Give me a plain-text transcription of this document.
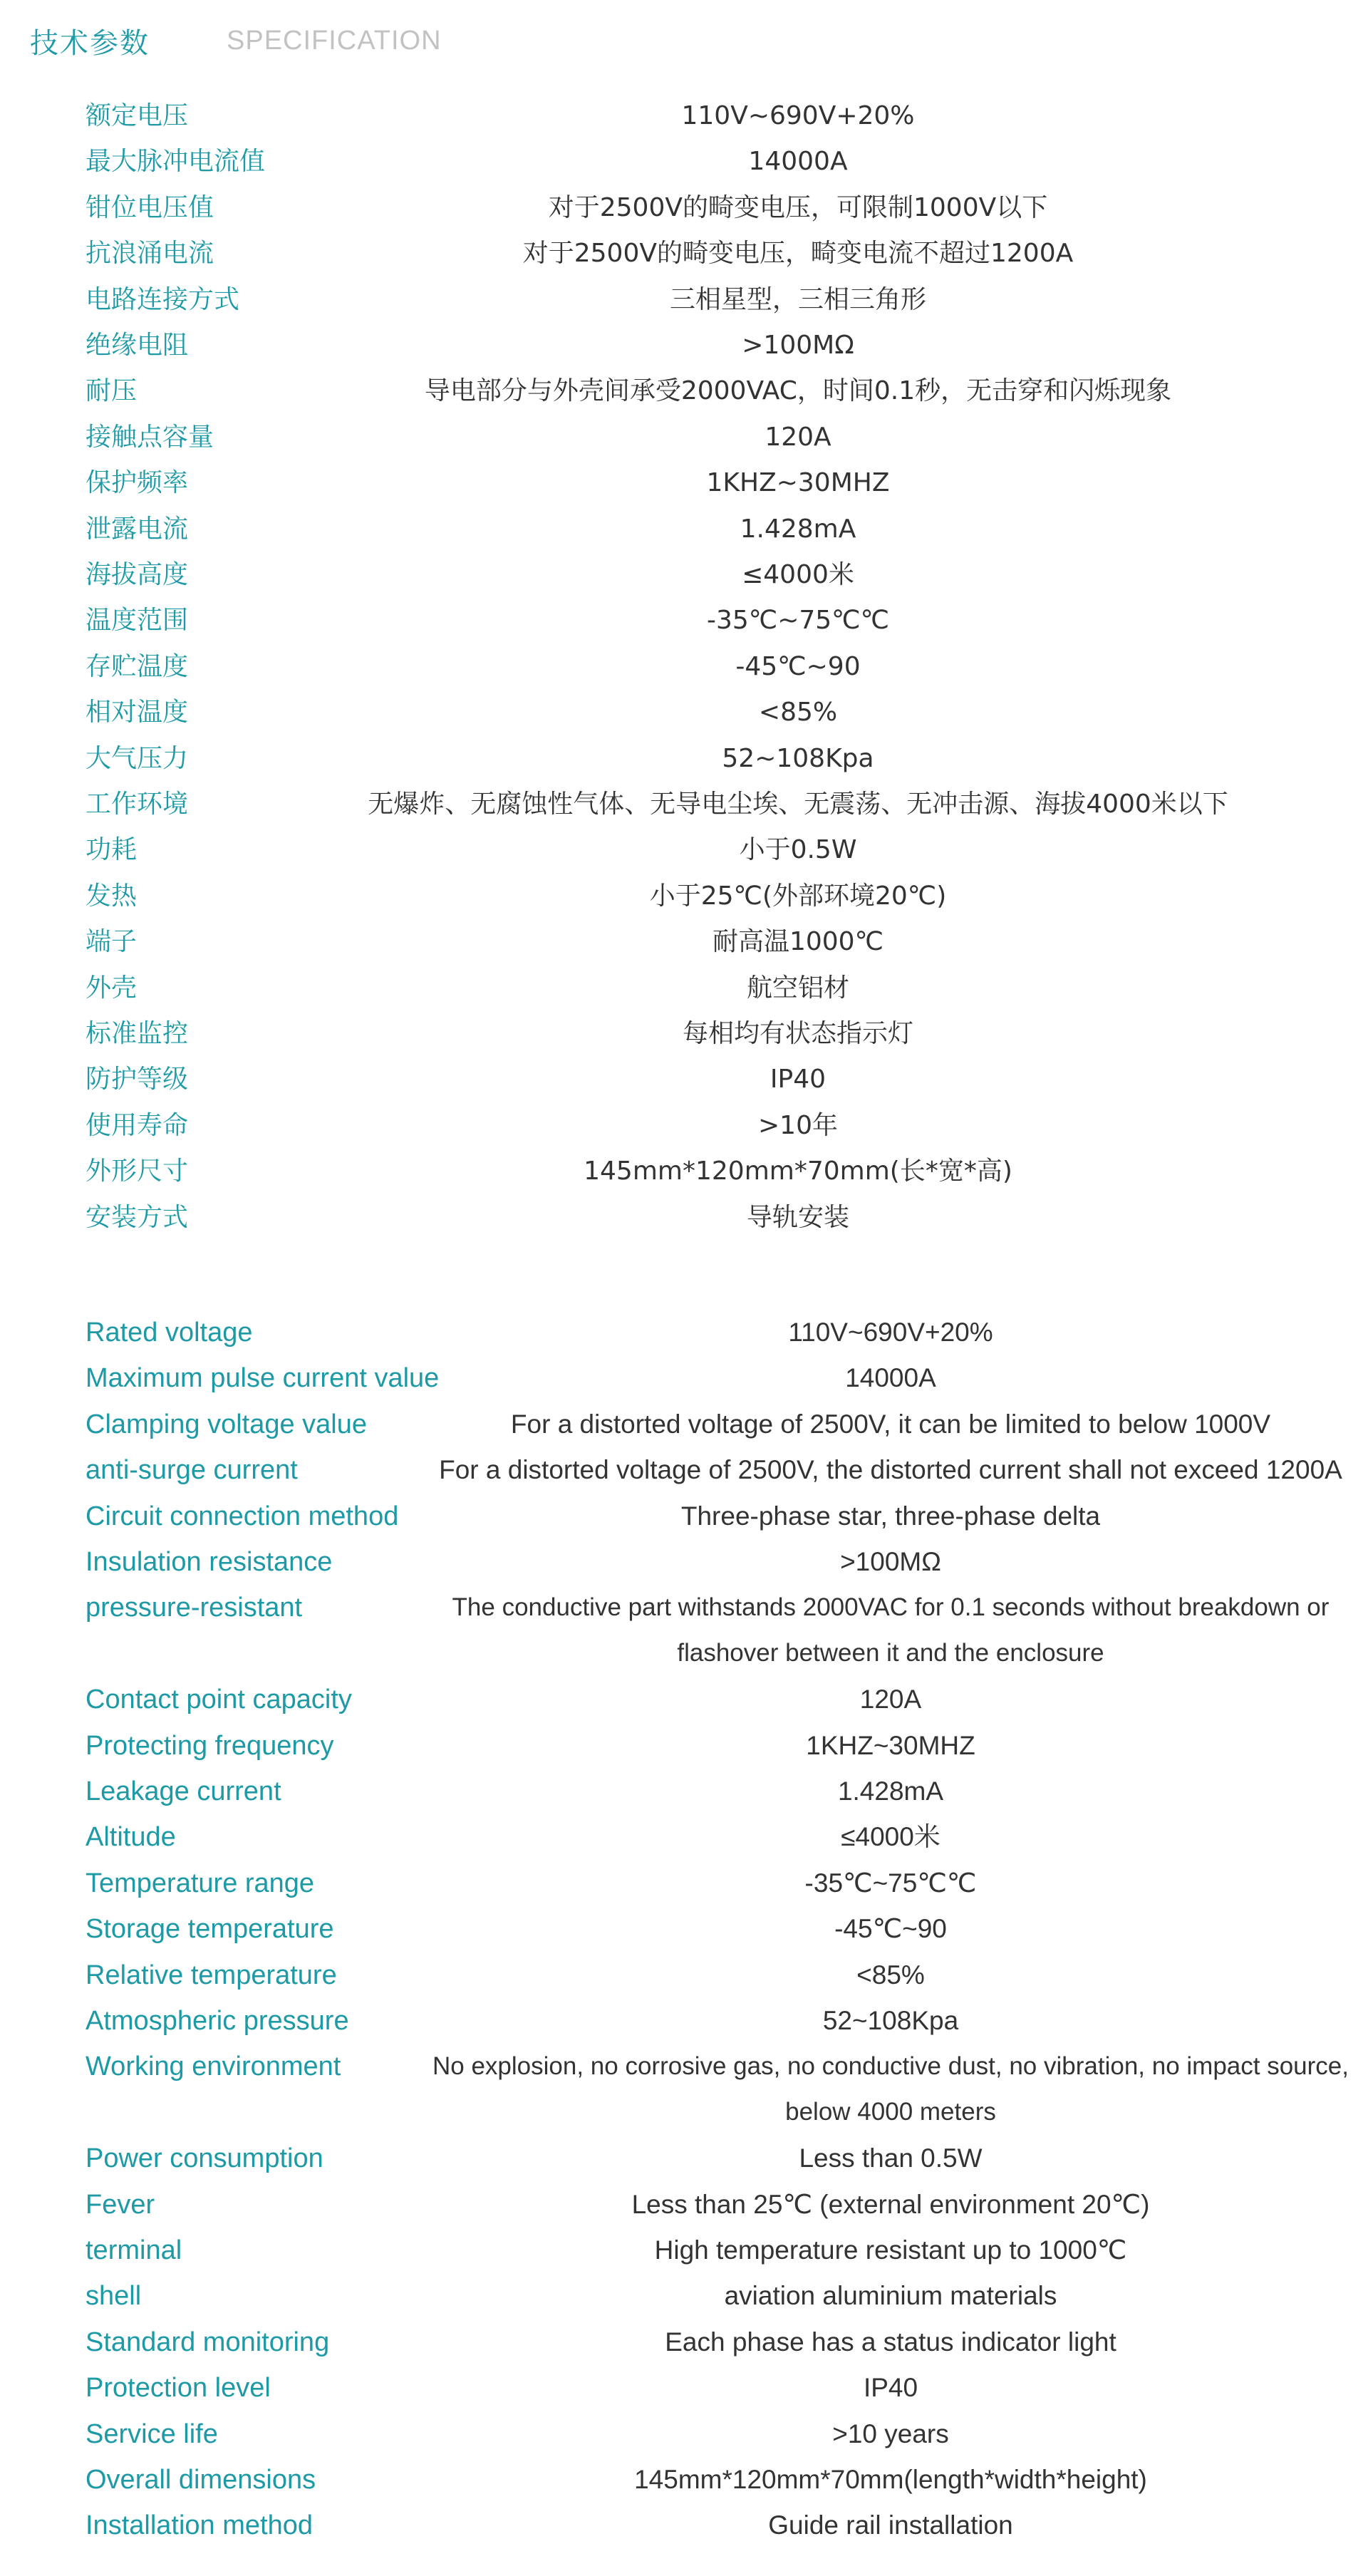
技术参数	SPECIFICATION
额定电压	110V~690V+20%
最大脉冲电流值	14000A
钳位电压值	对于2500V的畸变电压，可限制1000V以下
抗浪涌电流	对于2500V的畸变电压，畸变电流不超过1200A
电路连接方式	三相星型，三相三角形
绝缘电阻	>100MΩ
耐压	导电部分与外壳间承受2000VAC，时间0.1秒，无击穿和闪烁现象
接触点容量	120A
保护频率	1KHZ~30MHZ
泄露电流	1.428mA
海拔高度	≤4000米
温度范围	-35℃~75℃℃
存贮温度	-45℃~90
相对温度	<85%
大气压力	52~108Kpa
工作环境	无爆炸、无腐蚀性气体、无导电尘埃、无震荡、无冲击源、海拔4000米以下
功耗	小于0.5W
发热	小于25℃(外部环境20℃)
端子	耐高温1000℃
外壳	航空铝材
标准监控	每相均有状态指示灯
防护等级	IP40
使用寿命	>10年
外形尺寸	145mm*120mm*70mm(长*宽*高)
安装方式	导轨安装
Rated voltage	110V~690V+20%
Maximum pulse current value	14000A
Clamping voltage value	For a distorted voltage of 2500V, it can be limited to below 1000V
anti-surge current	For a distorted voltage of 2500V, the distorted current shall not exceed 1200A
Circuit connection method	Three-phase star, three-phase delta
Insulation resistance	>100MΩ
pressure-resistant	The conductive part withstands 2000VAC for 0.1 seconds without breakdown or flashover between it and the enclosure
Contact point capacity	120A
Protecting frequency	1KHZ~30MHZ
Leakage current	1.428mA
Altitude	≤4000米
Temperature range	-35℃~75℃℃
Storage temperature	-45℃~90
Relative temperature	<85%
Atmospheric pressure	52~108Kpa
Working environment	No explosion, no corrosive gas, no conductive dust, no vibration, no impact source, below 4000 meters
Power consumption	Less than 0.5W
Fever	Less than 25℃ (external environment 20℃)
terminal	High temperature resistant up to 1000℃
shell	aviation aluminium materials
Standard monitoring	Each phase has a status indicator light
Protection level	IP40
Service life	>10 years
Overall dimensions	145mm*120mm*70mm(length*width*height)
Installation method	Guide rail installation
